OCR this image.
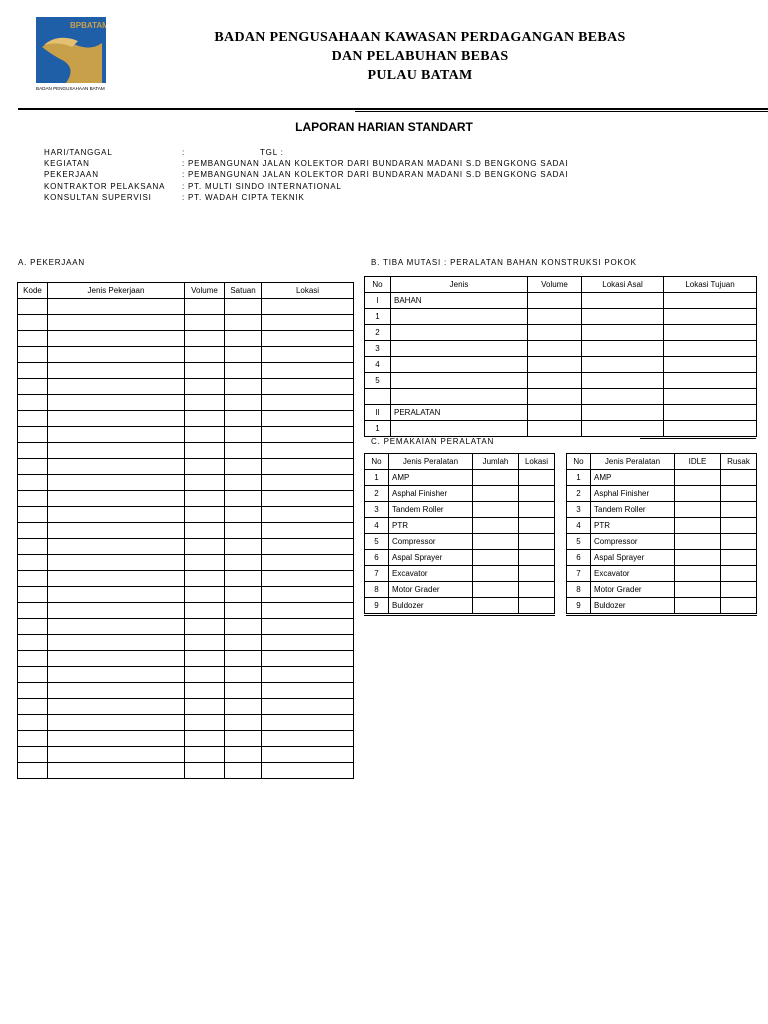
BPBATAM
BADAN PENGUSAHAAN BATAM
BADAN PENGUSAHAAN KAWASAN PERDAGANGAN BEBAS
DAN PELABUHAN BEBAS
PULAU BATAM
LAPORAN HARIAN STANDART
HARI/TANGGAL	:	TGL :
KEGIATAN	: PEMBANGUNAN JALAN KOLEKTOR DARI BUNDARAN MADANI S.D BENGKONG SADAI
PEKERJAAN	: PEMBANGUNAN JALAN KOLEKTOR DARI BUNDARAN MADANI S.D BENGKONG SADAI
KONTRAKTOR PELAKSANA	: PT. MULTI SINDO INTERNATIONAL
KONSULTAN SUPERVISI	: PT. WADAH CIPTA TEKNIK
A. PEKERJAAN
Kode	Jenis Pekerjaan	Volume	Satuan	Lokasi

B. TIBA MUTASI : PERALATAN BAHAN KONSTRUKSI POKOK
No	Jenis	Volume	Lokasi Asal	Lokasi Tujuan
I	BAHAN			
1				
2				
3				
4				
5				

II	PERALATAN			
1				
C. PEMAKAIAN PERALATAN
No	Jenis Peralatan	Jumlah	Lokasi
1	AMP		
2	Asphal Finisher		
3	Tandem Roller		
4	PTR		
5	Compressor		
6	Aspal Sprayer		
7	Excavator		
8	Motor Grader		
9	Buldozer		
No	Jenis Peralatan	IDLE	Rusak
1	AMP		
2	Asphal Finisher		
3	Tandem Roller		
4	PTR		
5	Compressor		
6	Aspal Sprayer		
7	Excavator		
8	Motor Grader		
9	Buldozer		
